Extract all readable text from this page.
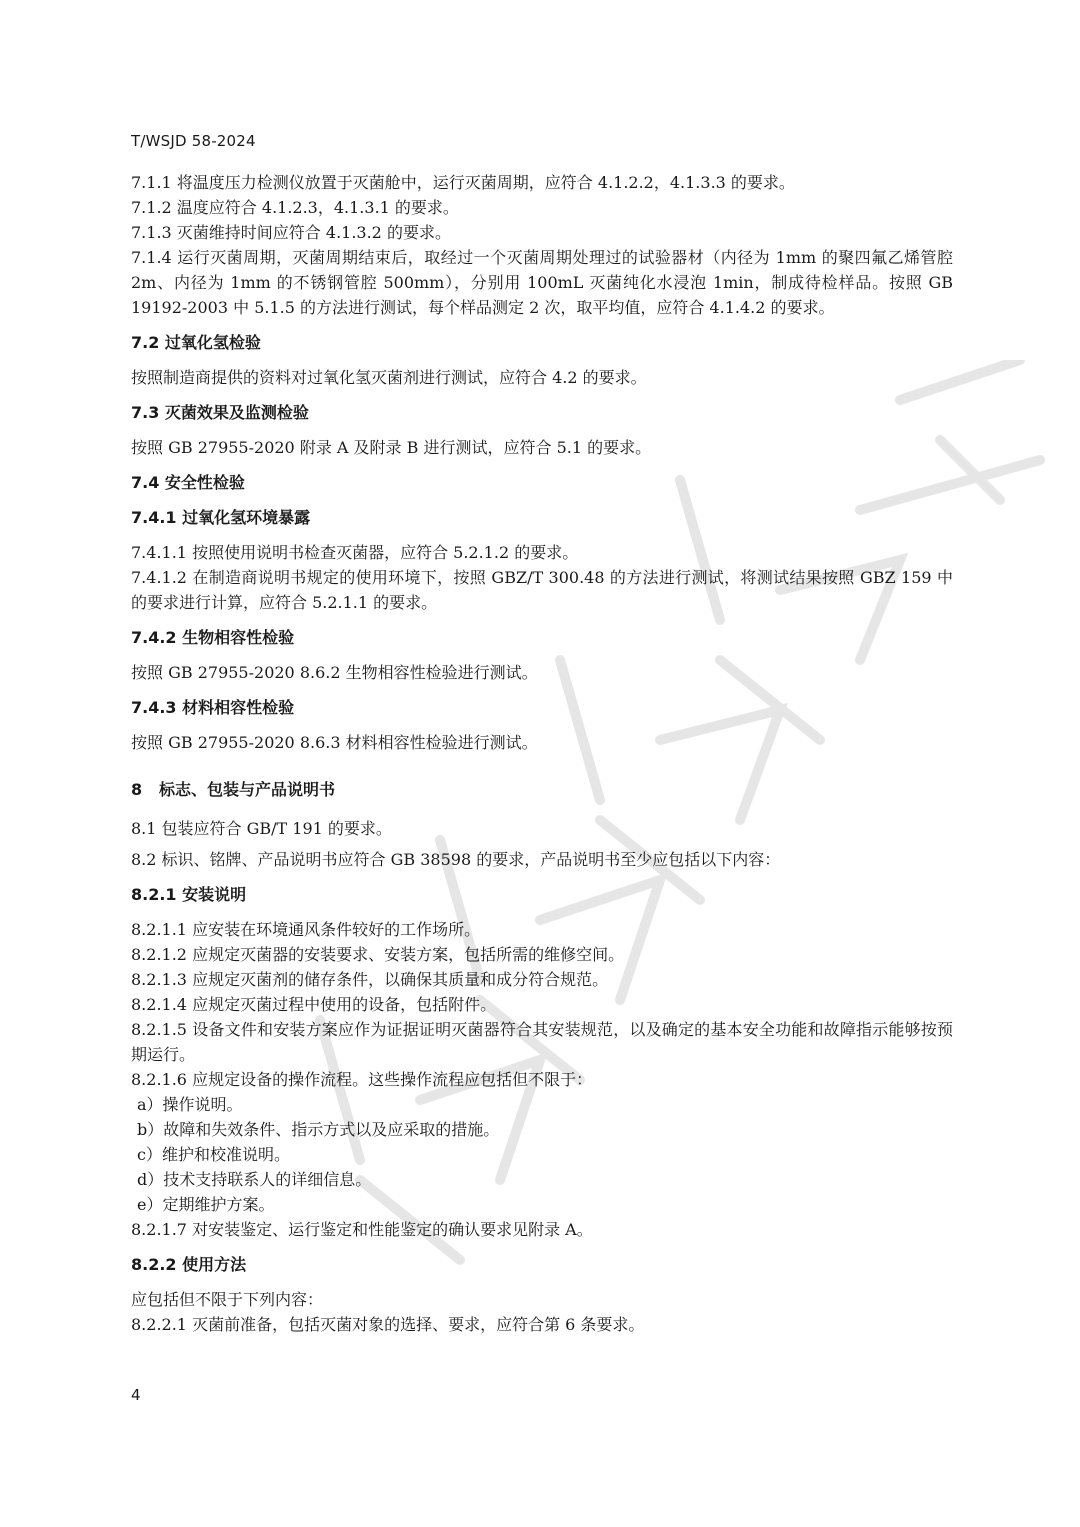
T/WSJD 58-2024
7.1.1 将温度压力检测仪放置于灭菌舱中，运行灭菌周期，应符合 4.1.2.2，4.1.3.3 的要求。
7.1.2 温度应符合 4.1.2.3，4.1.3.1 的要求。
7.1.3 灭菌维持时间应符合 4.1.3.2 的要求。
7.1.4 运行灭菌周期，灭菌周期结束后，取经过一个灭菌周期处理过的试验器材（内径为 1mm 的聚四氟乙烯管腔 2m、内径为 1mm 的不锈钢管腔 500mm），分别用 100mL 灭菌纯化水浸泡 1min，制成待检样品。按照 GB 19192-2003 中 5.1.5 的方法进行测试，每个样品测定 2 次，取平均值，应符合 4.1.4.2 的要求。
7.2 过氧化氢检验
按照制造商提供的资料对过氧化氢灭菌剂进行测试，应符合 4.2 的要求。
7.3 灭菌效果及监测检验
按照 GB 27955-2020 附录 A 及附录 B 进行测试，应符合 5.1 的要求。
7.4 安全性检验
7.4.1 过氧化氢环境暴露
7.4.1.1 按照使用说明书检查灭菌器，应符合 5.2.1.2 的要求。
7.4.1.2 在制造商说明书规定的使用环境下，按照 GBZ/T 300.48 的方法进行测试，将测试结果按照 GBZ 159 中的要求进行计算，应符合 5.2.1.1 的要求。
7.4.2 生物相容性检验
按照 GB 27955-2020 8.6.2 生物相容性检验进行测试。
7.4.3 材料相容性检验
按照 GB 27955-2020 8.6.3 材料相容性检验进行测试。
8 标志、包装与产品说明书
8.1 包装应符合 GB/T 191 的要求。
8.2 标识、铭牌、产品说明书应符合 GB 38598 的要求，产品说明书至少应包括以下内容：
8.2.1 安装说明
8.2.1.1 应安装在环境通风条件较好的工作场所。
8.2.1.2 应规定灭菌器的安装要求、安装方案，包括所需的维修空间。
8.2.1.3 应规定灭菌剂的储存条件，以确保其质量和成分符合规范。
8.2.1.4 应规定灭菌过程中使用的设备，包括附件。
8.2.1.5 设备文件和安装方案应作为证据证明灭菌器符合其安装规范，以及确定的基本安全功能和故障指示能够按预期运行。
8.2.1.6 应规定设备的操作流程。这些操作流程应包括但不限于：
a）操作说明。
b）故障和失效条件、指示方式以及应采取的措施。
c）维护和校准说明。
d）技术支持联系人的详细信息。
e）定期维护方案。
8.2.1.7 对安装鉴定、运行鉴定和性能鉴定的确认要求见附录 A。
8.2.2 使用方法
应包括但不限于下列内容：
8.2.2.1 灭菌前准备，包括灭菌对象的选择、要求，应符合第 6 条要求。
4
